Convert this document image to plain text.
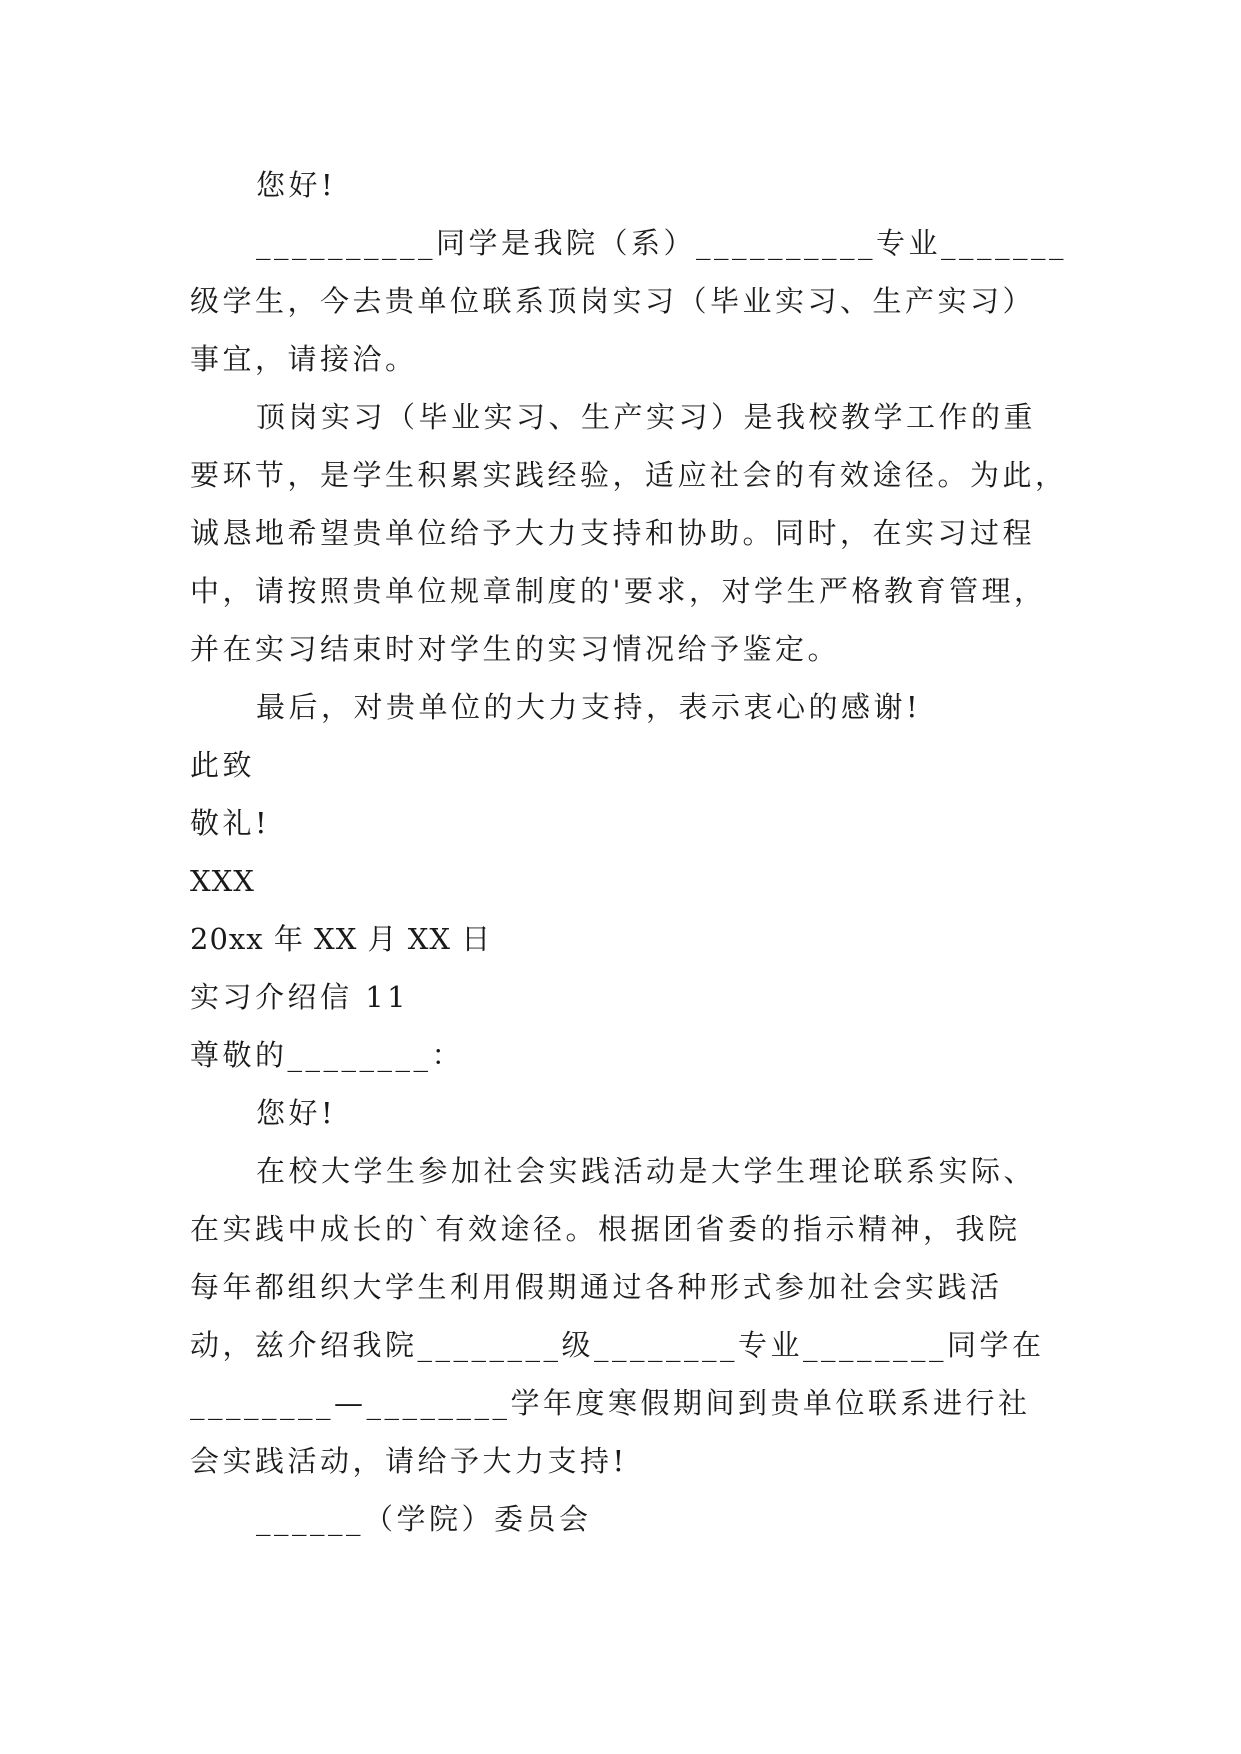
您好!
__________同学是我院（系）__________专业_______
级学生，今去贵单位联系顶岗实习（毕业实习、生产实习）
事宜，请接洽。
顶岗实习（毕业实习、生产实习）是我校教学工作的重
要环节，是学生积累实践经验，适应社会的有效途径。为此，
诚恳地希望贵单位给予大力支持和协助。同时，在实习过程
中，请按照贵单位规章制度的'要求，对学生严格教育管理，
并在实习结束时对学生的实习情况给予鉴定。
最后，对贵单位的大力支持，表示衷心的感谢!
此致
敬礼!
XXX
20xx 年 XX 月 XX 日
实习介绍信 11
尊敬的________：
您好!
在校大学生参加社会实践活动是大学生理论联系实际、
在实践中成长的`有效途径。根据团省委的指示精神，我院
每年都组织大学生利用假期通过各种形式参加社会实践活
动，兹介绍我院________级________专业________同学在
________—________学年度寒假期间到贵单位联系进行社
会实践活动，请给予大力支持!
______（学院）委员会
